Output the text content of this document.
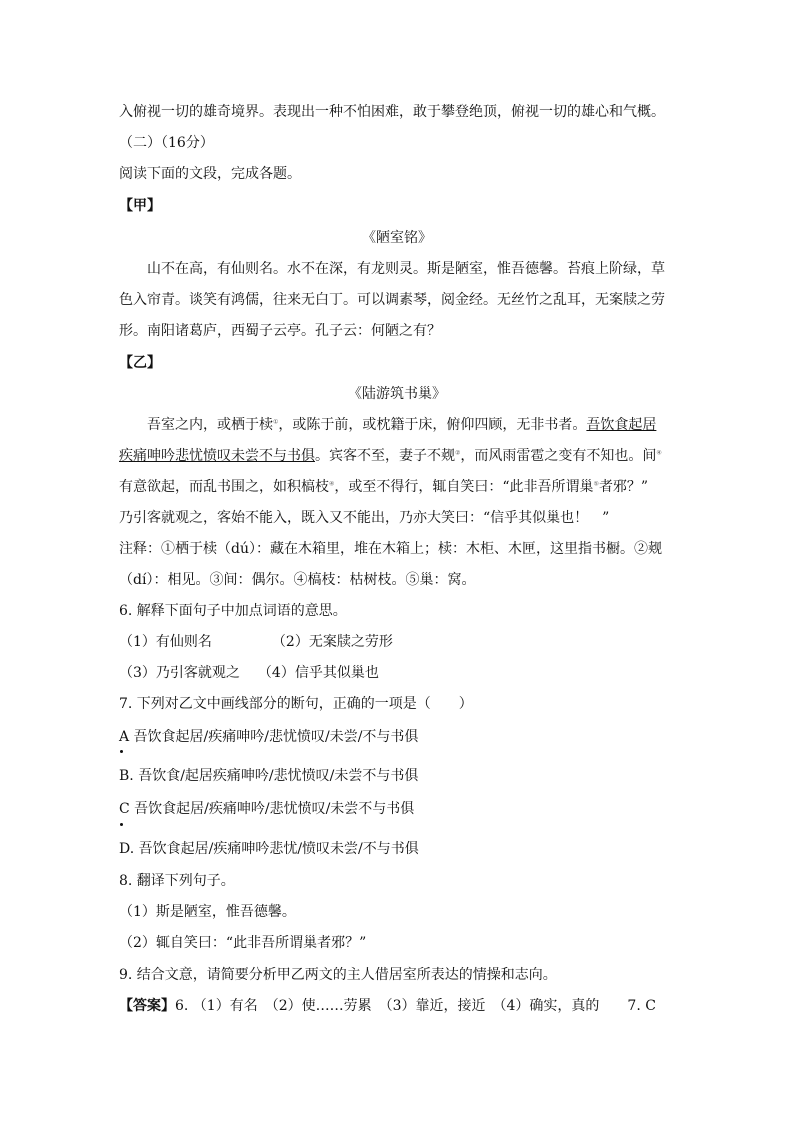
入俯视一切的雄奇境界。表现出一种不怕困难，敢于攀登绝顶，俯视一切的雄心和气概。
（二）（16分）
阅读下面的文段，完成各题。
【甲】
《陋室铭》
山不在高，有仙则名。水不在深，有龙则灵。斯是陋室，惟吾德馨。苔痕上阶绿，草
色入帘青。谈笑有鸿儒，往来无白丁。可以调素琴，阅金经。无丝竹之乱耳，无案牍之劳
形。南阳诸葛庐，西蜀子云亭。孔子云：何陋之有？
【乙】
《陆游筑书巢》
吾室之内，或栖于椟①，或陈于前，或枕籍于床，俯仰四顾，无非书者。吾饮食起居
疾痛呻吟悲忧愤叹未尝不与书俱。宾客不至，妻子不觌②，而风雨雷雹之变有不知也。间④
有意欲起，而乱书围之，如积槁枝④，或至不得行，辄自笑曰：“此非吾所谓巢⑤者邪？”
乃引客就观之，客始不能入，既入又不能出，乃亦大笑曰：“信乎其似巢也！　”
注释：①栖于椟（dú）：藏在木箱里，堆在木箱上；椟：木柜、木匣，这里指书橱。②觌
（dí）：相见。③间：偶尔。④槁枝：枯树枝。⑤巢：窝。
6. 解释下面句子中加点词语的意思。
（1）有仙则名	（2）无案牍之劳形
（3）乃引客就观之 （4）信乎其似巢也
7. 下列对乙文中画线部分的断句，正确的一项是（　　）
A 吾饮食起居/疾痛呻吟/悲忧愤叹/未尝/不与书俱
B. 吾饮食/起居疾痛呻吟/悲忧愤叹/未尝不与书俱
C 吾饮食起居/疾痛呻吟/悲忧愤叹/未尝不与书俱
D. 吾饮食起居/疾痛呻吟悲忧/愤叹未尝/不与书俱
8. 翻译下列句子。
（1）斯是陋室，惟吾德馨。
（2）辄自笑曰：“此非吾所谓巢者邪？”
9. 结合文意，请简要分析甲乙两文的主人借居室所表达的情操和志向。
【答案】6. （1）有名　（2）使……劳累　（3）靠近，接近　（4）确实，真的　　7. C
